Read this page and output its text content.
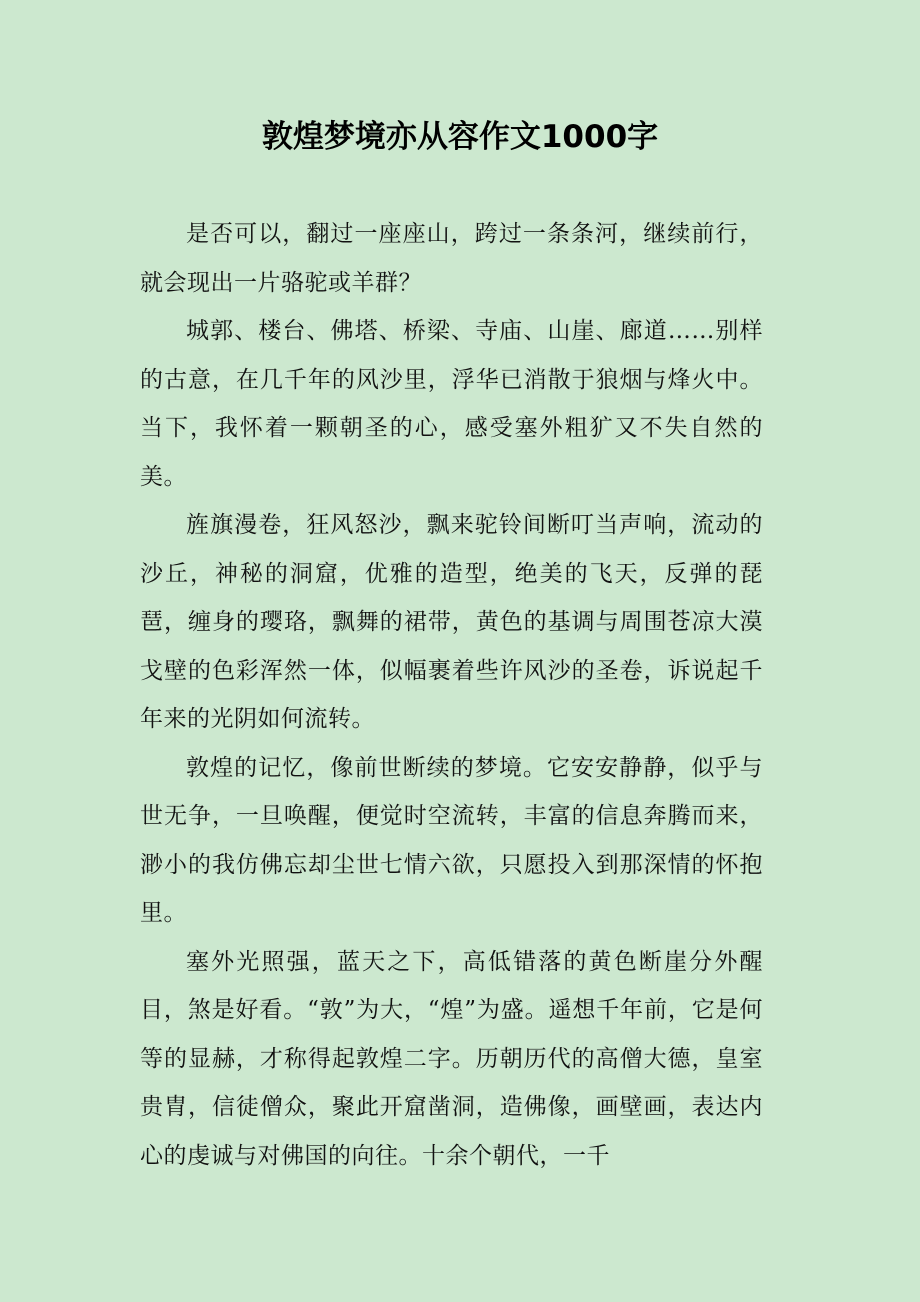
敦煌梦境亦从容作文1000字

是否可以，翻过一座座山，跨过一条条河，继续前行，就会现出一片骆驼或羊群？

城郭、楼台、佛塔、桥梁、寺庙、山崖、廊道……别样的古意，在几千年的风沙里，浮华已消散于狼烟与烽火中。当下，我怀着一颗朝圣的心，感受塞外粗犷又不失自然的美。

旌旗漫卷，狂风怒沙，飘来驼铃间断叮当声响，流动的沙丘，神秘的洞窟，优雅的造型，绝美的飞天，反弹的琵琶，缠身的璎珞，飘舞的裙带，黄色的基调与周围苍凉大漠戈壁的色彩浑然一体，似幅裹着些许风沙的圣卷，诉说起千年来的光阴如何流转。

敦煌的记忆，像前世断续的梦境。它安安静静，似乎与世无争，一旦唤醒，便觉时空流转，丰富的信息奔腾而来，渺小的我仿佛忘却尘世七情六欲，只愿投入到那深情的怀抱里。

塞外光照强，蓝天之下，高低错落的黄色断崖分外醒目，煞是好看。“敦”为大，“煌”为盛。遥想千年前，它是何等的显赫，才称得起敦煌二字。历朝历代的高僧大德，皇室贵胄，信徒僧众，聚此开窟凿洞，造佛像，画壁画，表达内心的虔诚与对佛国的向往。十余个朝代，一千
